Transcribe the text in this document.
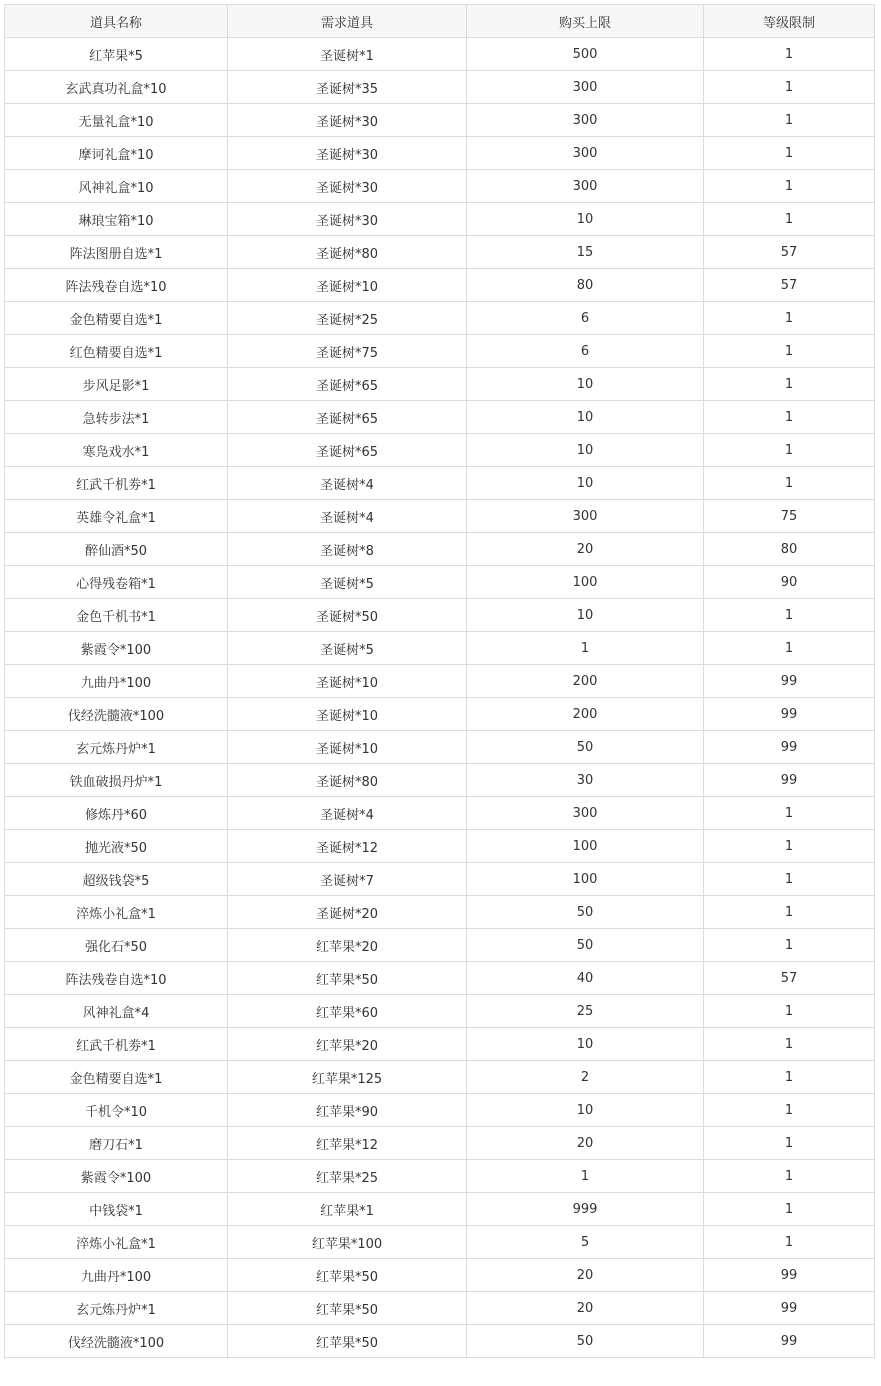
道具名称	需求道具	购买上限	等级限制
红苹果*5	圣诞树*1	500	1
玄武真功礼盒*10	圣诞树*35	300	1
无量礼盒*10	圣诞树*30	300	1
摩诃礼盒*10	圣诞树*30	300	1
风神礼盒*10	圣诞树*30	300	1
琳琅宝箱*10	圣诞树*30	10	1
阵法图册自选*1	圣诞树*80	15	57
阵法残卷自选*10	圣诞树*10	80	57
金色精要自选*1	圣诞树*25	6	1
红色精要自选*1	圣诞树*75	6	1
步风足影*1	圣诞树*65	10	1
急转步法*1	圣诞树*65	10	1
寒凫戏水*1	圣诞树*65	10	1
红武千机劵*1	圣诞树*4	10	1
英雄令礼盒*1	圣诞树*4	300	75
醉仙酒*50	圣诞树*8	20	80
心得残卷箱*1	圣诞树*5	100	90
金色千机书*1	圣诞树*50	10	1
紫霞令*100	圣诞树*5	1	1
九曲丹*100	圣诞树*10	200	99
伐经洗髓液*100	圣诞树*10	200	99
玄元炼丹炉*1	圣诞树*10	50	99
铁血破损丹炉*1	圣诞树*80	30	99
修炼丹*60	圣诞树*4	300	1
抛光液*50	圣诞树*12	100	1
超级钱袋*5	圣诞树*7	100	1
淬炼小礼盒*1	圣诞树*20	50	1
强化石*50	红苹果*20	50	1
阵法残卷自选*10	红苹果*50	40	57
风神礼盒*4	红苹果*60	25	1
红武千机劵*1	红苹果*20	10	1
金色精要自选*1	红苹果*125	2	1
千机令*10	红苹果*90	10	1
磨刀石*1	红苹果*12	20	1
紫霞令*100	红苹果*25	1	1
中钱袋*1	红苹果*1	999	1
淬炼小礼盒*1	红苹果*100	5	1
九曲丹*100	红苹果*50	20	99
玄元炼丹炉*1	红苹果*50	20	99
伐经洗髓液*100	红苹果*50	50	99
